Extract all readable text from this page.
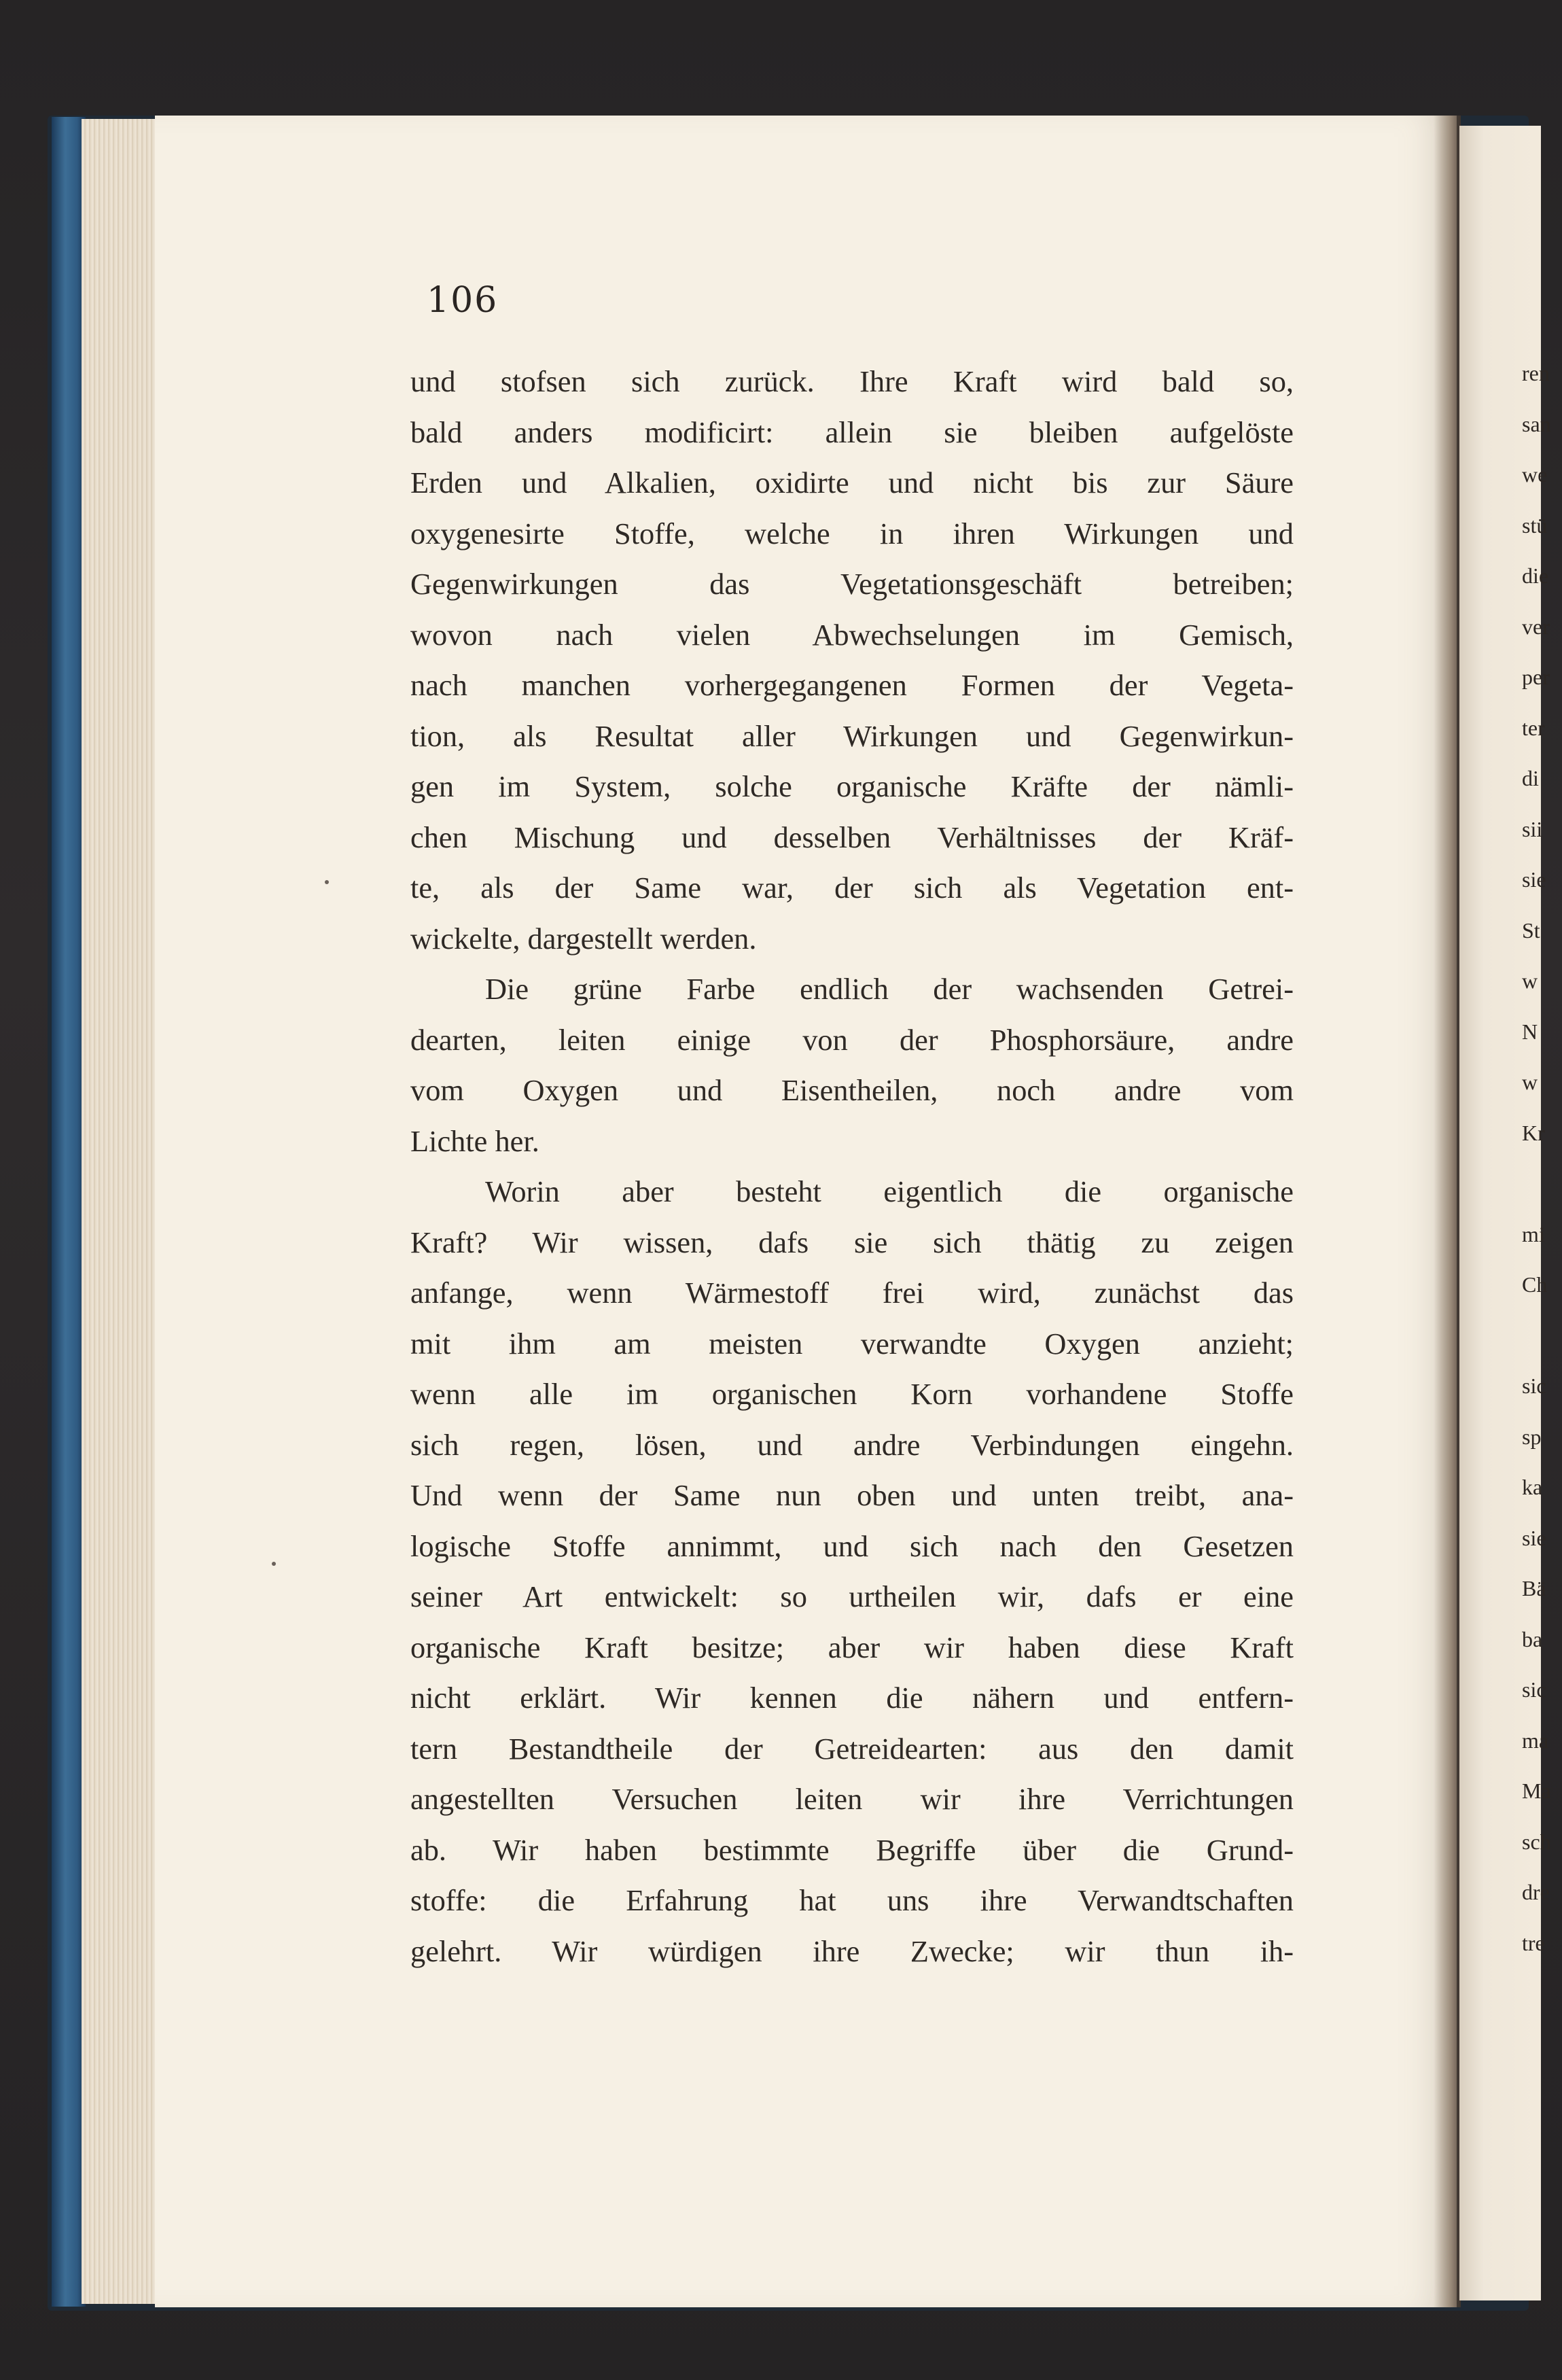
106
und stofsen sich zurück. Ihre Kraft wird bald so,
bald anders modificirt: allein sie bleiben aufgelöste
Erden und Alkalien, oxidirte und nicht bis zur Säure
oxygenesirte Stoffe, welche in ihren Wirkungen und
Gegenwirkungen das Vegetationsgeschäft betreiben;
wovon nach vielen Abwechselungen im Gemisch,
nach manchen vorhergegangenen Formen der Vegeta-
tion, als Resultat aller Wirkungen und Gegenwirkun-
gen im System, solche organische Kräfte der nämli-
chen Mischung und desselben Verhältnisses der Kräf-
te, als der Same war, der sich als Vegetation ent-
wickelte, dargestellt werden.
Die grüne Farbe endlich der wachsenden Getrei-
dearten, leiten einige von der Phosphorsäure, andre
vom Oxygen und Eisentheilen, noch andre vom
Lichte her.
Worin aber besteht eigentlich die organische
Kraft? Wir wissen, dafs sie sich thätig zu zeigen
anfange, wenn Wärmestoff frei wird, zunächst das
mit ihm am meisten verwandte Oxygen anzieht;
wenn alle im organischen Korn vorhandene Stoffe
sich regen, lösen, und andre Verbindungen eingehn.
Und wenn der Same nun oben und unten treibt, ana-
logische Stoffe annimmt, und sich nach den Gesetzen
seiner Art entwickelt: so urtheilen wir, dafs er eine
organische Kraft besitze; aber wir haben diese Kraft
nicht erklärt. Wir kennen die nähern und entfern-
tern Bestandtheile der Getreidearten: aus den damit
angestellten Versuchen leiten wir ihre Verrichtungen
ab. Wir haben bestimmte Begriffe über die Grund-
stoffe: die Erfahrung hat uns ihre Verwandtschaften
gelehrt. Wir würdigen ihre Zwecke; wir thun ih-
ren
san
we
stü
die
ver
per
ter
di
sii
sie
St
w
N
w
Kr
mi
Ch
sic
sp
ka
sie
Bä
ba
sic
ma
Ma
sch
dre
tre
